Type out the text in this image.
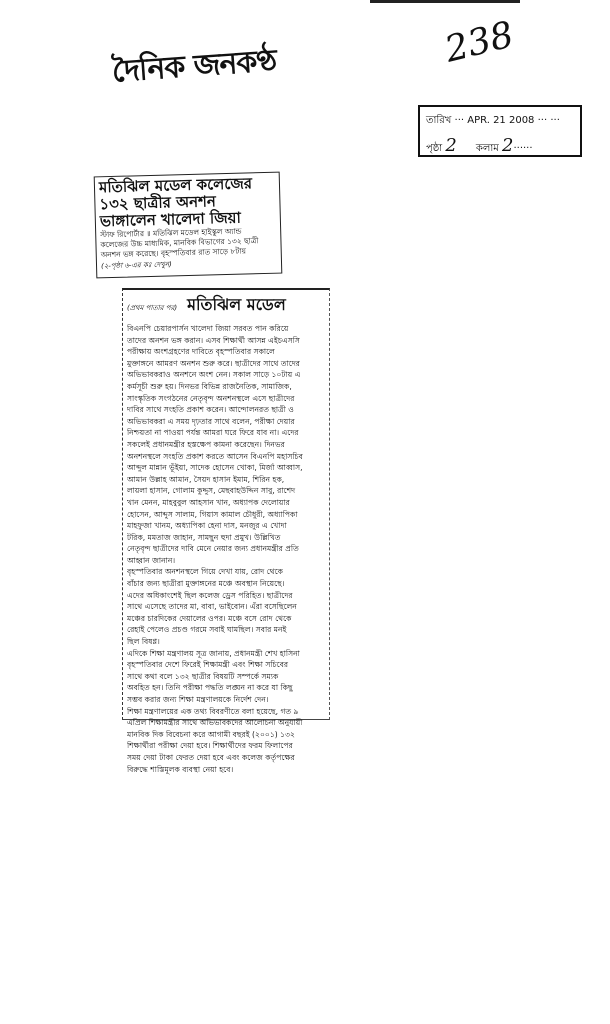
দৈনিক জনকণ্ঠ	238
তারিখ ··· APR. 21 2008 ··· ···
পৃষ্ঠা 2 কলাম 2······
মতিঝিল মডেল কলেজের
১৩২ ছাত্রীর অনশন
ভাঙ্গালেন খালেদা জিয়া
স্টাফ রিপোর্টার ॥ মতিঝিল মডেল হাইস্কুল অ্যান্ড
কলেজের উচ্চ মাধ্যমিক, মানবিক বিভাগের ১৩২ ছাত্রী
অনশন ভঙ্গ করেছে। বৃহস্পতিবার রাত সাড়ে ৮টায়
(২-পৃষ্ঠা ৬-এর কঃ দেখুন)
(প্রথম পাতার পর) মতিঝিল মডেল
বিএনপি চেয়ারপার্সন খালেদা জিয়া সরবত পান করিয়ে
তাদের অনশন ভঙ্গ করান। এসব শিক্ষার্থী আসন্ন এইচএসসি
পরীক্ষায় অংশগ্রহণের দাবিতে বৃহস্পতিবার সকালে
মুক্তাঙ্গনে আমরণ অনশন শুরু করে। ছাত্রীদের সাথে তাদের
অভিভাবকরাও অনশনে অংশ নেন। সকাল সাড়ে ১০টায় এ
কর্মসূচী শুরু হয়। দিনভর বিভিন্ন রাজনৈতিক, সামাজিক,
সাংস্কৃতিক সংগঠনের নেতৃবৃন্দ অনশনস্থলে এসে ছাত্রীদের
দাবির সাথে সংহতি প্রকাশ করেন। আন্দোলনরত ছাত্রী ও
অভিভাবকরা এ সময় দৃঢ়তার সাথে বলেন, পরীক্ষা দেয়ার
নিশ্চয়তা না পাওয়া পর্যন্ত আমরা ঘরে ফিরে যাব না। এদের
সকলেই প্রধানমন্ত্রীর হস্তক্ষেপ কামনা করেছেন। দিনভর
অনশনস্থলে সংহতি প্রকাশ করতে আসেন বিএনপি মহাসচিব
আব্দুল মান্নান ভূঁইয়া, সাদেক হোসেন খোকা, মির্জা আব্বাস,
আমান উল্লাহ আমান, সৈয়দ হাসান ইমাম, শিরিন হক,
লায়লা হাসান, গোলাম কুদ্দুস, মেছবাহউদ্দিন সাবু, রাশেদ
খান মেনন, মাহবুবুল আহসান খান, অধ্যাপক দেলোয়ার
হোসেন, আব্দুস সালাম, গিয়াস কামাল চৌধুরী, অধ্যাপিকা
মাহফুজা খানম, অধ্যাপিকা হেনা দাস, মনজুর এ খোদা
টরিক, মমতাজ জাহান, সামছুন হুদা প্রমুখ। উল্লিখিত
নেতৃবৃন্দ ছাত্রীদের দাবি মেনে নেয়ার জন্য প্রধানমন্ত্রীর প্রতি
আহ্বান জানান।
বৃহস্পতিবার অনশনস্থলে গিয়ে দেখা যায়, রোদ থেকে
বাঁচার জন্য ছাত্রীরা মুক্তাঙ্গনের মঞ্চে অবস্থান নিয়েছে।
এদের অধিকাংশেই ছিল কলেজ ড্রেস পরিহিত। ছাত্রীদের
সাথে এসেছে তাদের মা, বাবা, ভাইবোন। এঁরা বসেছিলেন
মঞ্চের চারদিকের দেয়ালের ওপর। মঞ্চে বসে রোদ থেকে
রেহাই পেলেও প্রচণ্ড গরমে সবাই ঘামছিল। সবার মনই
ছিল বিষণ্ণ।
এদিকে শিক্ষা মন্ত্রণালয় সূত্র জানায়, প্রধানমন্ত্রী শেখ হাসিনা
বৃহস্পতিবার দেশে ফিরেই শিক্ষামন্ত্রী এবং শিক্ষা সচিবের
সাথে কথা বলে ১৩২ ছাত্রীর বিষয়টি সম্পর্কে সম্যক
অবহিত হন। তিনি পরীক্ষা পদ্ধতি লঙ্ঘন না করে যা কিছু
সম্ভব করার জন্য শিক্ষা মন্ত্রণালয়কে নির্দেশ দেন।
শিক্ষা মন্ত্রণালয়ের এক তথ্য বিবরণীতে বলা হয়েছে, গত ৯
এপ্রিল শিক্ষামন্ত্রীর সাথে অভিভাবকদের আলোচনা অনুযায়ী
মানবিক দিক বিবেচনা করে আগামী বছরই (২০০১) ১৩২
শিক্ষার্থীরা পরীক্ষা দেয়া হবে। শিক্ষার্থীদের ফরম ফিলাপের
সময় দেয়া টাকা ফেরত দেয়া হবে এবং কলেজ কর্তৃপক্ষের
বিরুদ্ধে শাস্তিমূলক ব্যবস্থা নেয়া হবে।
